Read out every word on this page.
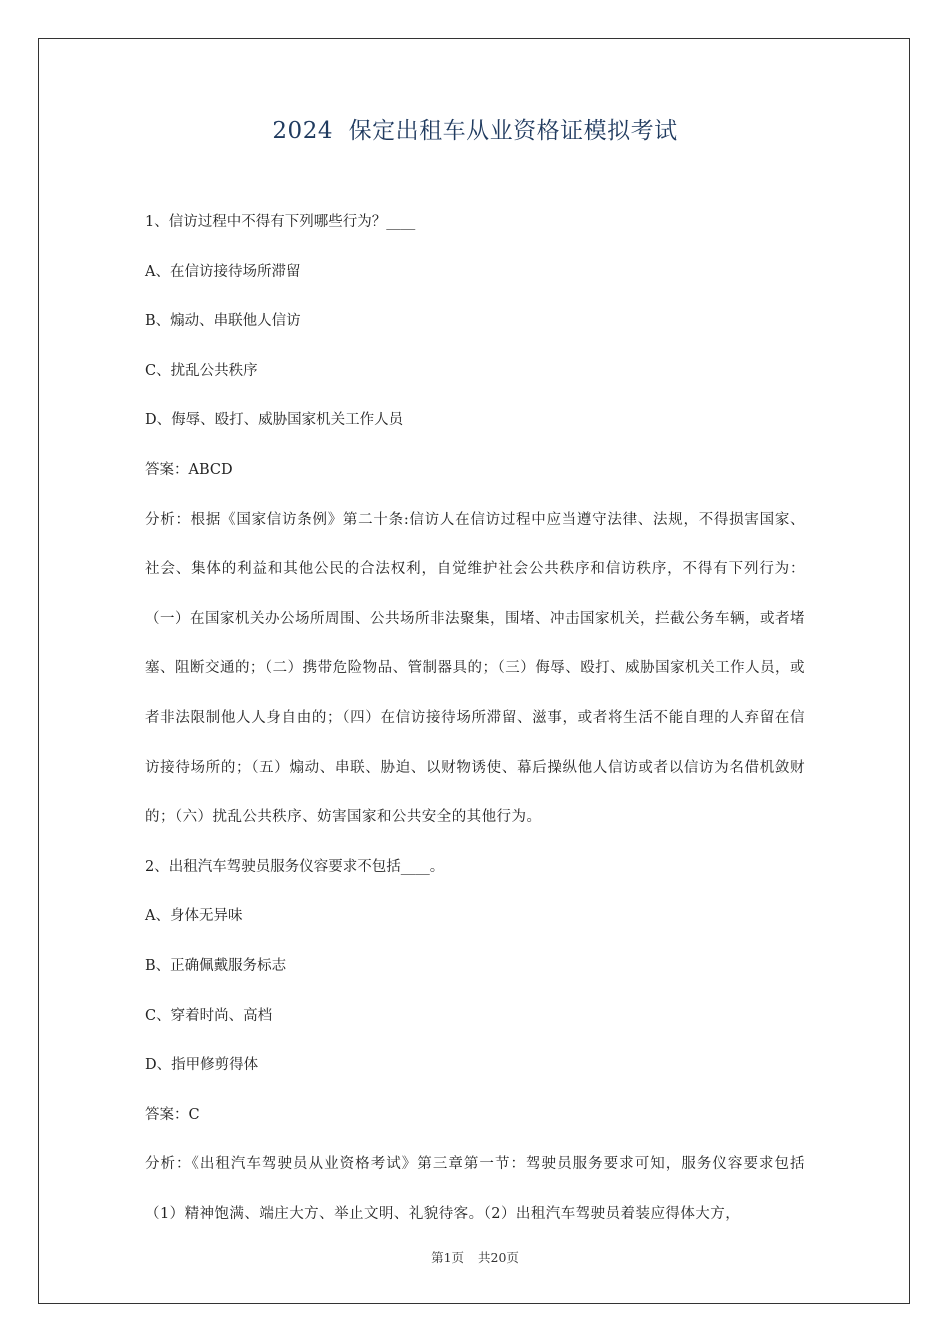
2024  保定出租车从业资格证模拟考试

1、信访过程中不得有下列哪些行为？____

A、在信访接待场所滞留

B、煽动、串联他人信访

C、扰乱公共秩序

D、侮辱、殴打、威胁国家机关工作人员

答案：ABCD

分析：根据《国家信访条例》第二十条:信访人在信访过程中应当遵守法律、法规，不得损害国家、社会、集体的利益和其他公民的合法权利，自觉维护社会公共秩序和信访秩序，不得有下列行为：（一）在国家机关办公场所周围、公共场所非法聚集，围堵、冲击国家机关，拦截公务车辆，或者堵塞、阻断交通的；（二）携带危险物品、管制器具的；（三）侮辱、殴打、威胁国家机关工作人员，或者非法限制他人人身自由的；（四）在信访接待场所滞留、滋事，或者将生活不能自理的人弃留在信访接待场所的；（五）煽动、串联、胁迫、以财物诱使、幕后操纵他人信访或者以信访为名借机敛财的；（六）扰乱公共秩序、妨害国家和公共安全的其他行为。

2、出租汽车驾驶员服务仪容要求不包括____。

A、身体无异味

B、正确佩戴服务标志

C、穿着时尚、高档

D、指甲修剪得体

答案：C

分析：《出租汽车驾驶员从业资格考试》第三章第一节：驾驶员服务要求可知，服务仪容要求包括（1）精神饱满、端庄大方、举止文明、礼貌待客。（2）出租汽车驾驶员着装应得体大方，

第1页 共20页
